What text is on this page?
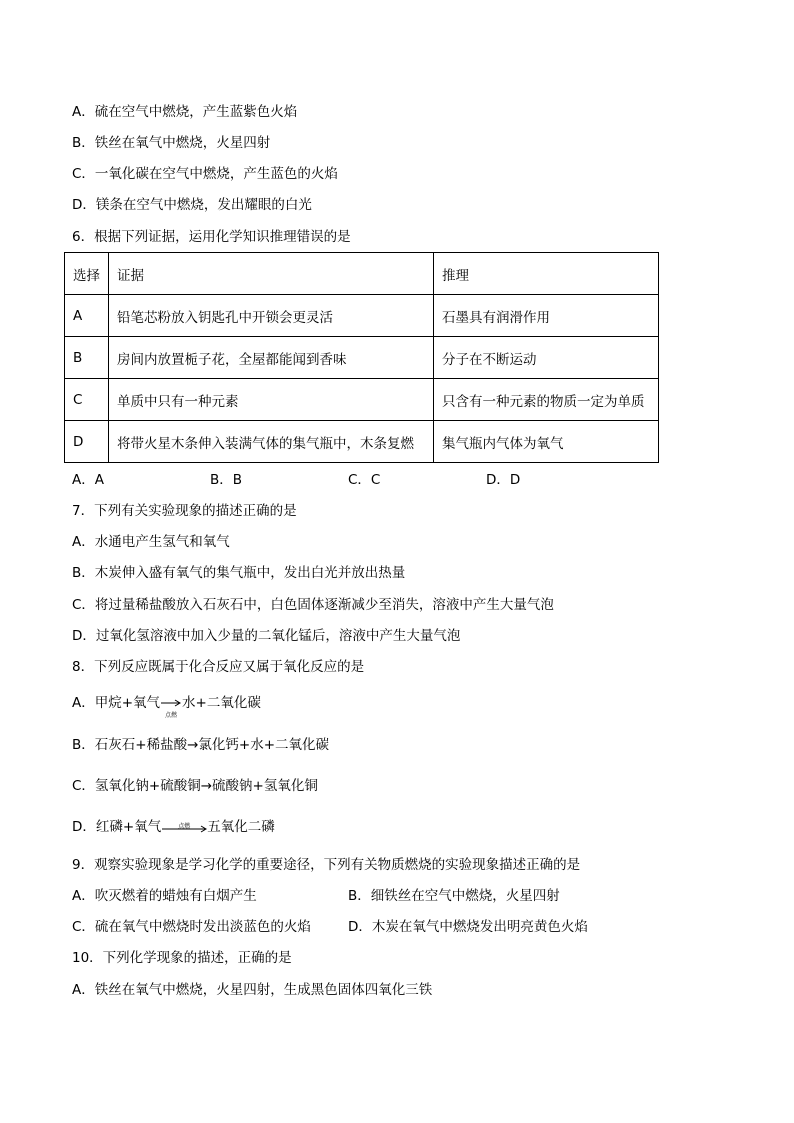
A．硫在空气中燃烧，产生蓝紫色火焰
B．铁丝在氧气中燃烧，火星四射
C．一氧化碳在空气中燃烧，产生蓝色的火焰
D．镁条在空气中燃烧，发出耀眼的白光
6．根据下列证据，运用化学知识推理错误的是
选择	证据	推理
A	铅笔芯粉放入钥匙孔中开锁会更灵活	石墨具有润滑作用
B	房间内放置栀子花，全屋都能闻到香味	分子在不断运动
C	单质中只有一种元素	只含有一种元素的物质一定为单质
D	将带火星木条伸入装满气体的集气瓶中，木条复燃	集气瓶内气体为氧气
A．A	B．B	C．C	D．D
7．下列有关实验现象的描述正确的是
A．水通电产生氢气和氧气
B．木炭伸入盛有氧气的集气瓶中，发出白光并放出热量
C．将过量稀盐酸放入石灰石中，白色固体逐渐减少至消失，溶液中产生大量气泡
D．过氧化氢溶液中加入少量的二氧化锰后，溶液中产生大量气泡
8．下列反应既属于化合反应又属于氧化反应的是
A．甲烷+氧气
点燃
水+二氧化碳
B．石灰石+稀盐酸→氯化钙+水+二氧化碳
C．氢氧化钠+硫酸铜→硫酸钠+氢氧化铜
D．红磷+氧气	点燃 五氧化二磷
9．观察实验现象是学习化学的重要途径，下列有关物质燃烧的实验现象描述正确的是
A．吹灭燃着的蜡烛有白烟产生	B．细铁丝在空气中燃烧，火星四射
C．硫在氧气中燃烧时发出淡蓝色的火焰	D．木炭在氧气中燃烧发出明亮黄色火焰
10．下列化学现象的描述，正确的是
A．铁丝在氧气中燃烧，火星四射，生成黑色固体四氧化三铁
